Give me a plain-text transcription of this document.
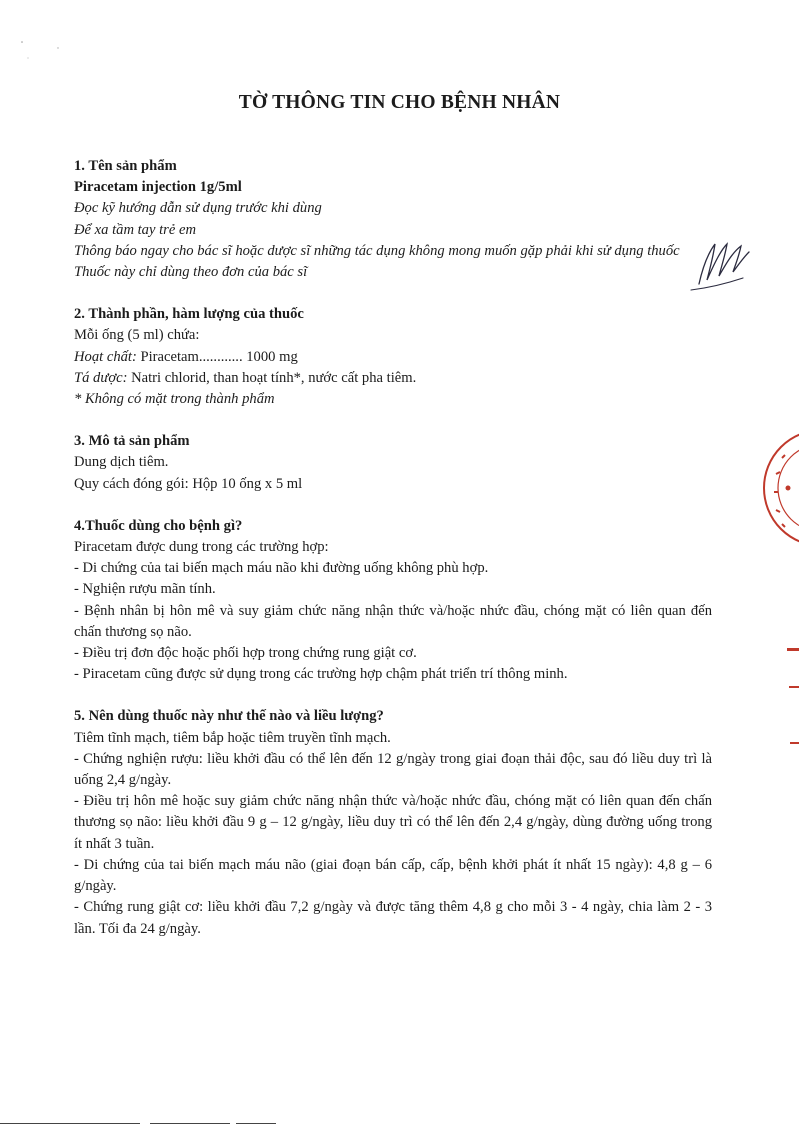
TỜ THÔNG TIN CHO BỆNH NHÂN
1. Tên sản phẩm
Piracetam injection 1g/5ml
Đọc kỹ hướng dẫn sử dụng trước khi dùng
Để xa tầm tay trẻ em
Thông báo ngay cho bác sĩ hoặc dược sĩ những tác dụng không mong muốn gặp phải khi sử dụng thuốc
Thuốc này chỉ dùng theo đơn của bác sĩ
2. Thành phần, hàm lượng của thuốc
Mỗi ống (5 ml) chứa:
Hoạt chất: Piracetam............ 1000 mg
Tá dược: Natri chlorid, than hoạt tính*, nước cất pha tiêm.
* Không có mặt trong thành phẩm
3. Mô tả sản phẩm
Dung dịch tiêm.
Quy cách đóng gói: Hộp 10 ống x 5 ml
4.Thuốc dùng cho bệnh gì?
Piracetam được dung trong các trường hợp:
- Di chứng của tai biến mạch máu não khi đường uống không phù hợp.
- Nghiện rượu mãn tính.
- Bệnh nhân bị hôn mê và suy giảm chức năng nhận thức và/hoặc nhức đầu, chóng mặt có liên quan đến chấn thương sọ não.
- Điều trị đơn độc hoặc phối hợp trong chứng rung giật cơ.
- Piracetam cũng được sử dụng trong các trường hợp chậm phát triển trí thông minh.
5. Nên dùng thuốc này như thế nào và liều lượng?
Tiêm tĩnh mạch, tiêm bắp hoặc tiêm truyền tĩnh mạch.
- Chứng nghiện rượu: liều khởi đầu có thể lên đến 12 g/ngày trong giai đoạn thải độc, sau đó liều duy trì là uống 2,4 g/ngày.
- Điều trị hôn mê hoặc suy giảm chức năng nhận thức và/hoặc nhức đầu, chóng mặt có liên quan đến chấn thương sọ não: liều khởi đầu 9 g – 12 g/ngày, liều duy trì có thể lên đến 2,4 g/ngày, dùng đường uống trong ít nhất 3 tuần.
- Di chứng của tai biến mạch máu não (giai đoạn bán cấp, cấp, bệnh khởi phát ít nhất 15 ngày): 4,8 g – 6 g/ngày.
- Chứng rung giật cơ: liều khởi đầu 7,2 g/ngày và được tăng thêm 4,8 g cho mỗi 3 - 4 ngày, chia làm 2 - 3 lần. Tối đa 24 g/ngày.
